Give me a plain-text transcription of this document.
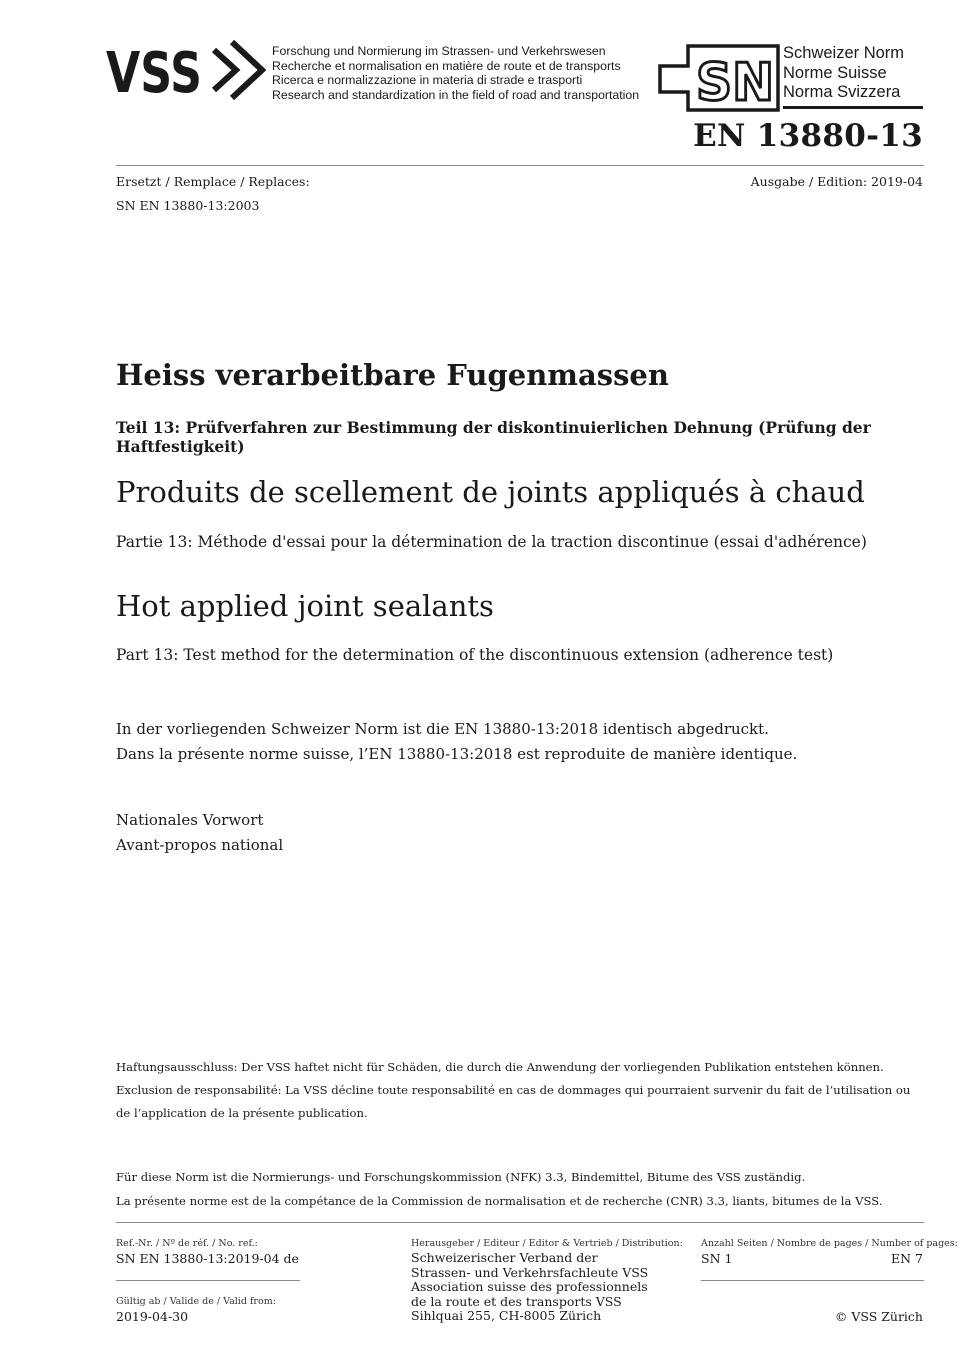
VSS	Forschung und Normierung im Strassen- und Verkehrswesen
Recherche et normalisation en matière de route et de transports
Ricerca e normalizzazione in materia di strade e trasporti
Research and standardization in the field of road and transportation SN Schweizer Norm
Norme Suisse
Norma Svizzera
EN 13880-13
Ersetzt / Remplace / Replaces:
SN EN 13880-13:2003
Ausgabe / Edition: 2019-04
Heiss verarbeitbare Fugenmassen
Teil 13: Prüfverfahren zur Bestimmung der diskontinuierlichen Dehnung (Prüfung der Haftfestigkeit)
Produits de scellement de joints appliqués à chaud
Partie 13: Méthode d'essai pour la détermination de la traction discontinue (essai d'adhérence)
Hot applied joint sealants
Part 13: Test method for the determination of the discontinuous extension (adherence test)
In der vorliegenden Schweizer Norm ist die EN 13880-13:2018 identisch abgedruckt.
Dans la présente norme suisse, l’EN 13880-13:2018 est reproduite de manière identique.
Nationales Vorwort
Avant-propos national
Haftungsausschluss: Der VSS haftet nicht für Schäden, die durch die Anwendung der vorliegenden Publikation entstehen können.
Exclusion de responsabilité: La VSS décline toute responsabilité en cas de dommages qui pourraient survenir du fait de l’utilisation ou
de l’application de la présente publication.
Für diese Norm ist die Normierungs- und Forschungskommission (NFK) 3.3, Bindemittel, Bitume des VSS zuständig.
La présente norme est de la compétance de la Commission de normalisation et de recherche (CNR) 3.3, liants, bitumes de la VSS.
Ref.-Nr. / Nº de réf. / No. ref.:
SN EN 13880-13:2019-04 de
Gültig ab / Valide de / Valid from:
2019-04-30
Herausgeber / Editeur / Editor & Vertrieb / Distribution:
Schweizerischer Verband der
Strassen- und Verkehrsfachleute VSS
Association suisse des professionnels
de la route et des transports VSS
Sihlquai 255, CH-8005 Zürich
Anzahl Seiten / Nombre de pages / Number of pages:
SN 1	EN 7
© VSS Zürich
